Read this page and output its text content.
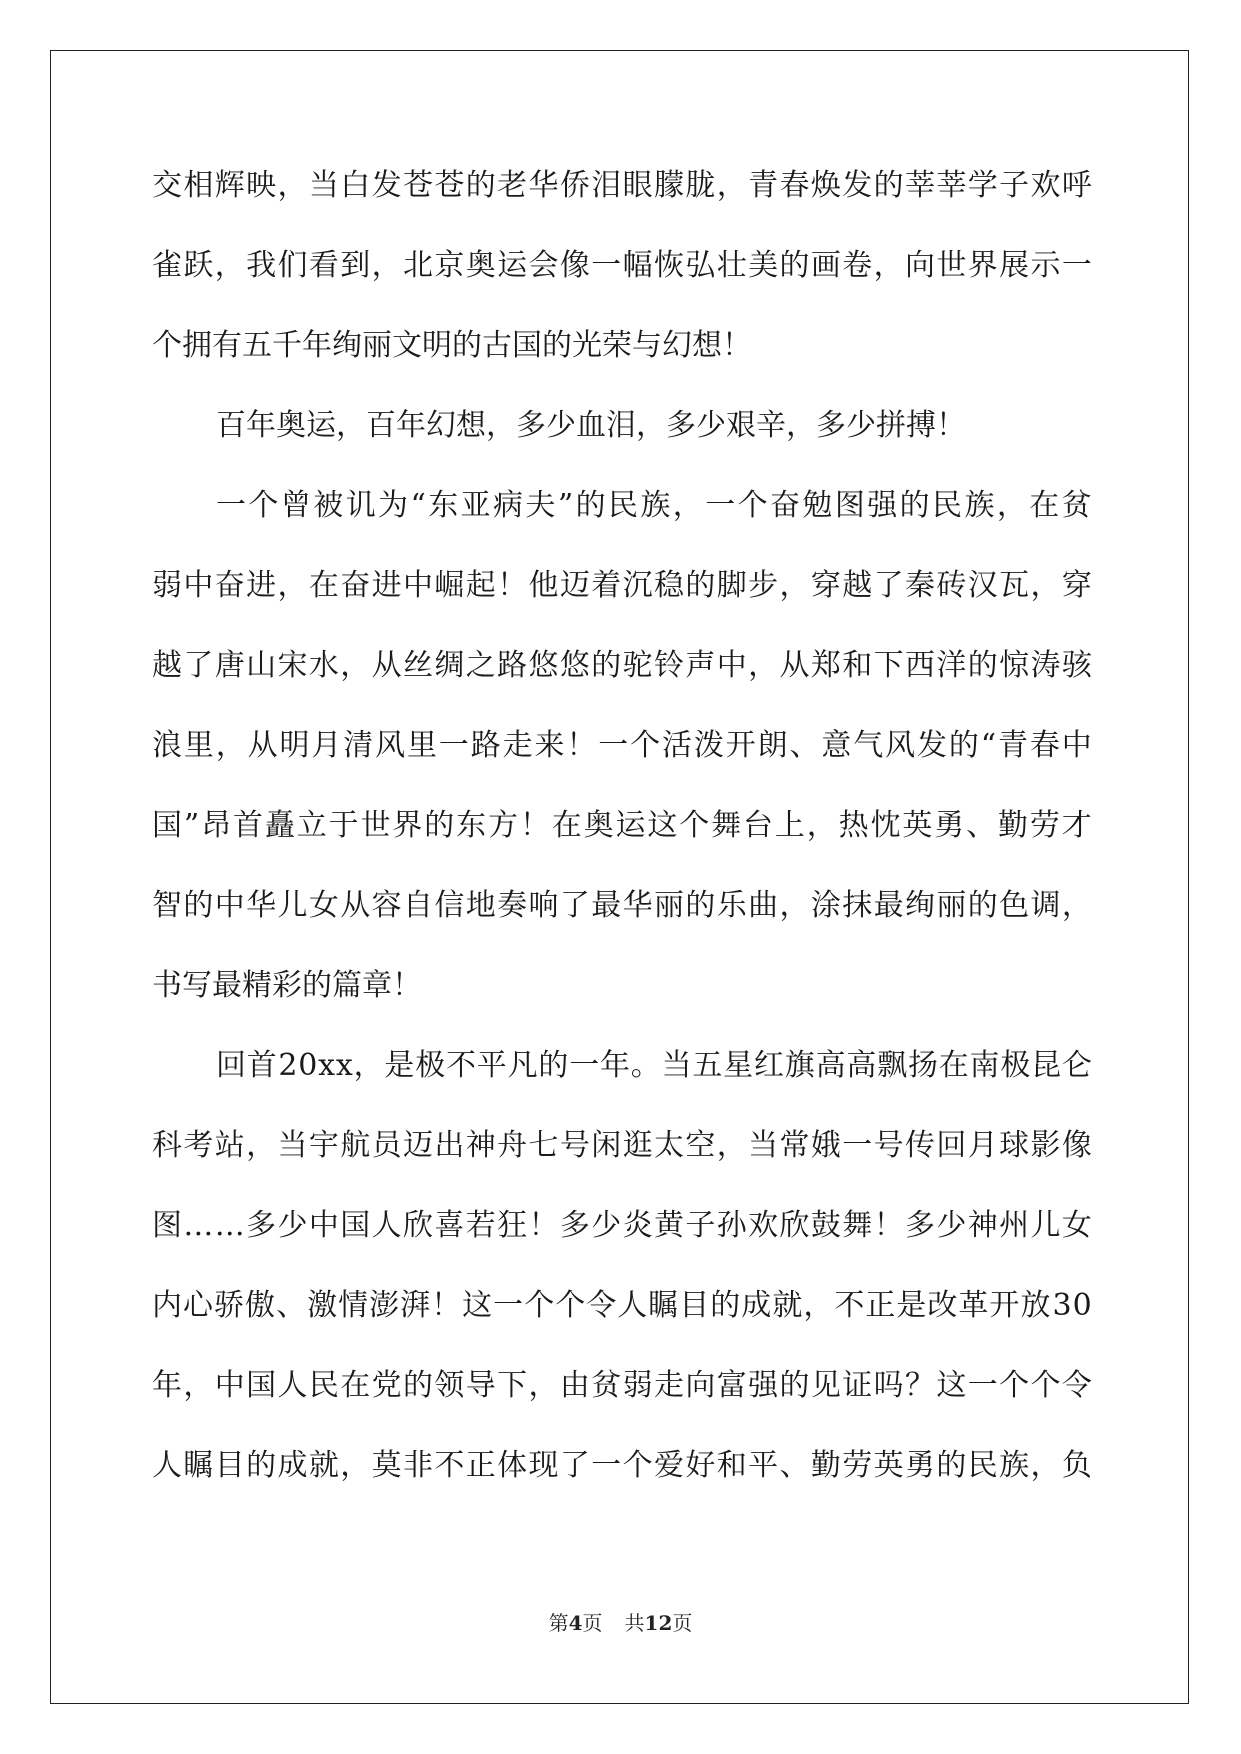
交 相 辉 映 ， 当 白 发 苍 苍 的 老 华 侨 泪 眼 朦 胧 ， 青 春 焕 发 的 莘 莘 学 子 欢 呼
雀 跃 ， 我 们 看 到 ， 北 京 奥 运 会 像 一 幅 恢 弘 壮 美 的 画 卷 ， 向 世 界 展 示 一
个拥有五千年绚丽文明的古国的光荣与幻想！
百年奥运，百年幻想，多少血泪，多少艰辛，多少拼搏！
一 个 曾 被 讥 为 “ 东 亚 病 夫 ” 的 民 族 ， 一 个 奋 勉 图 强 的 民 族 ， 在 贫
弱 中 奋 进 ， 在 奋 进 中 崛 起 ！ 他 迈 着 沉 稳 的 脚 步 ， 穿 越 了 秦 砖 汉 瓦 ， 穿
越 了 唐 山 宋 水 ， 从 丝 绸 之 路 悠 悠 的 驼 铃 声 中 ， 从 郑 和 下 西 洋 的 惊 涛 骇
浪 里 ， 从 明 月 清 风 里 一 路 走 来 ！ 一 个 活 泼 开 朗 、 意 气 风 发 的 “ 青 春 中
国 ” 昂 首 矗 立 于 世 界 的 东 方 ！ 在 奥 运 这 个 舞 台 上 ， 热 忱 英 勇 、 勤 劳 才
智 的 中 华 儿 女 从 容 自 信 地 奏 响 了 最 华 丽 的 乐 曲 ， 涂 抹 最 绚 丽 的 色 调 ，
书写最精彩的篇章！
回 首 2 0 x x ， 是 极 不 平 凡 的 一 年 。 当 五 星 红 旗 高 高 飘 扬 在 南 极 昆 仑
科 考 站 ， 当 宇 航 员 迈 出 神 舟 七 号 闲 逛 太 空 ， 当 常 娥 一 号 传 回 月 球 影 像
图 … … 多 少 中 国 人 欣 喜 若 狂 ！ 多 少 炎 黄 子 孙 欢 欣 鼓 舞 ！ 多 少 神 州 儿 女
内 心 骄 傲 、 激 情 澎 湃 ！ 这 一 个 个 令 人 瞩 目 的 成 就 ， 不 正 是 改 革 开 放 3 0
年 ， 中 国 人 民 在 党 的 领 导 下 ， 由 贫 弱 走 向 富 强 的 见 证 吗 ？ 这 一 个 个 令
人 瞩 目 的 成 就 ， 莫 非 不 正 体 现 了 一 个 爱 好 和 平 、 勤 劳 英 勇 的 民 族 ， 负
第4页 共12页
